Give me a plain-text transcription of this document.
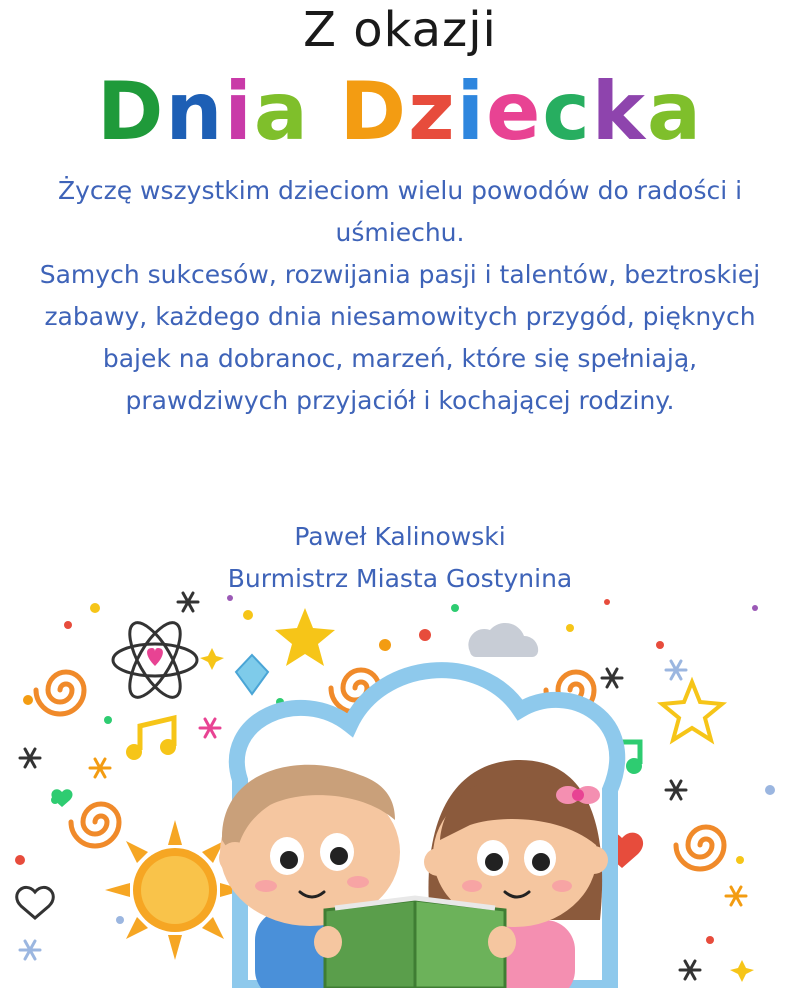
Z okazji
Dnia Dziecka

Życzę wszystkim dzieciom wielu powodów do radości i uśmiechu.

Samych sukcesów, rozwijania pasji i talentów, beztroskiej zabawy, każdego dnia niesamowitych przygód, pięknych bajek na dobranoc, marzeń, które się spełniają, prawdziwych przyjaciół i kochającej rodziny.

Paweł Kalinowski

Burmistrz Miasta Gostynina
